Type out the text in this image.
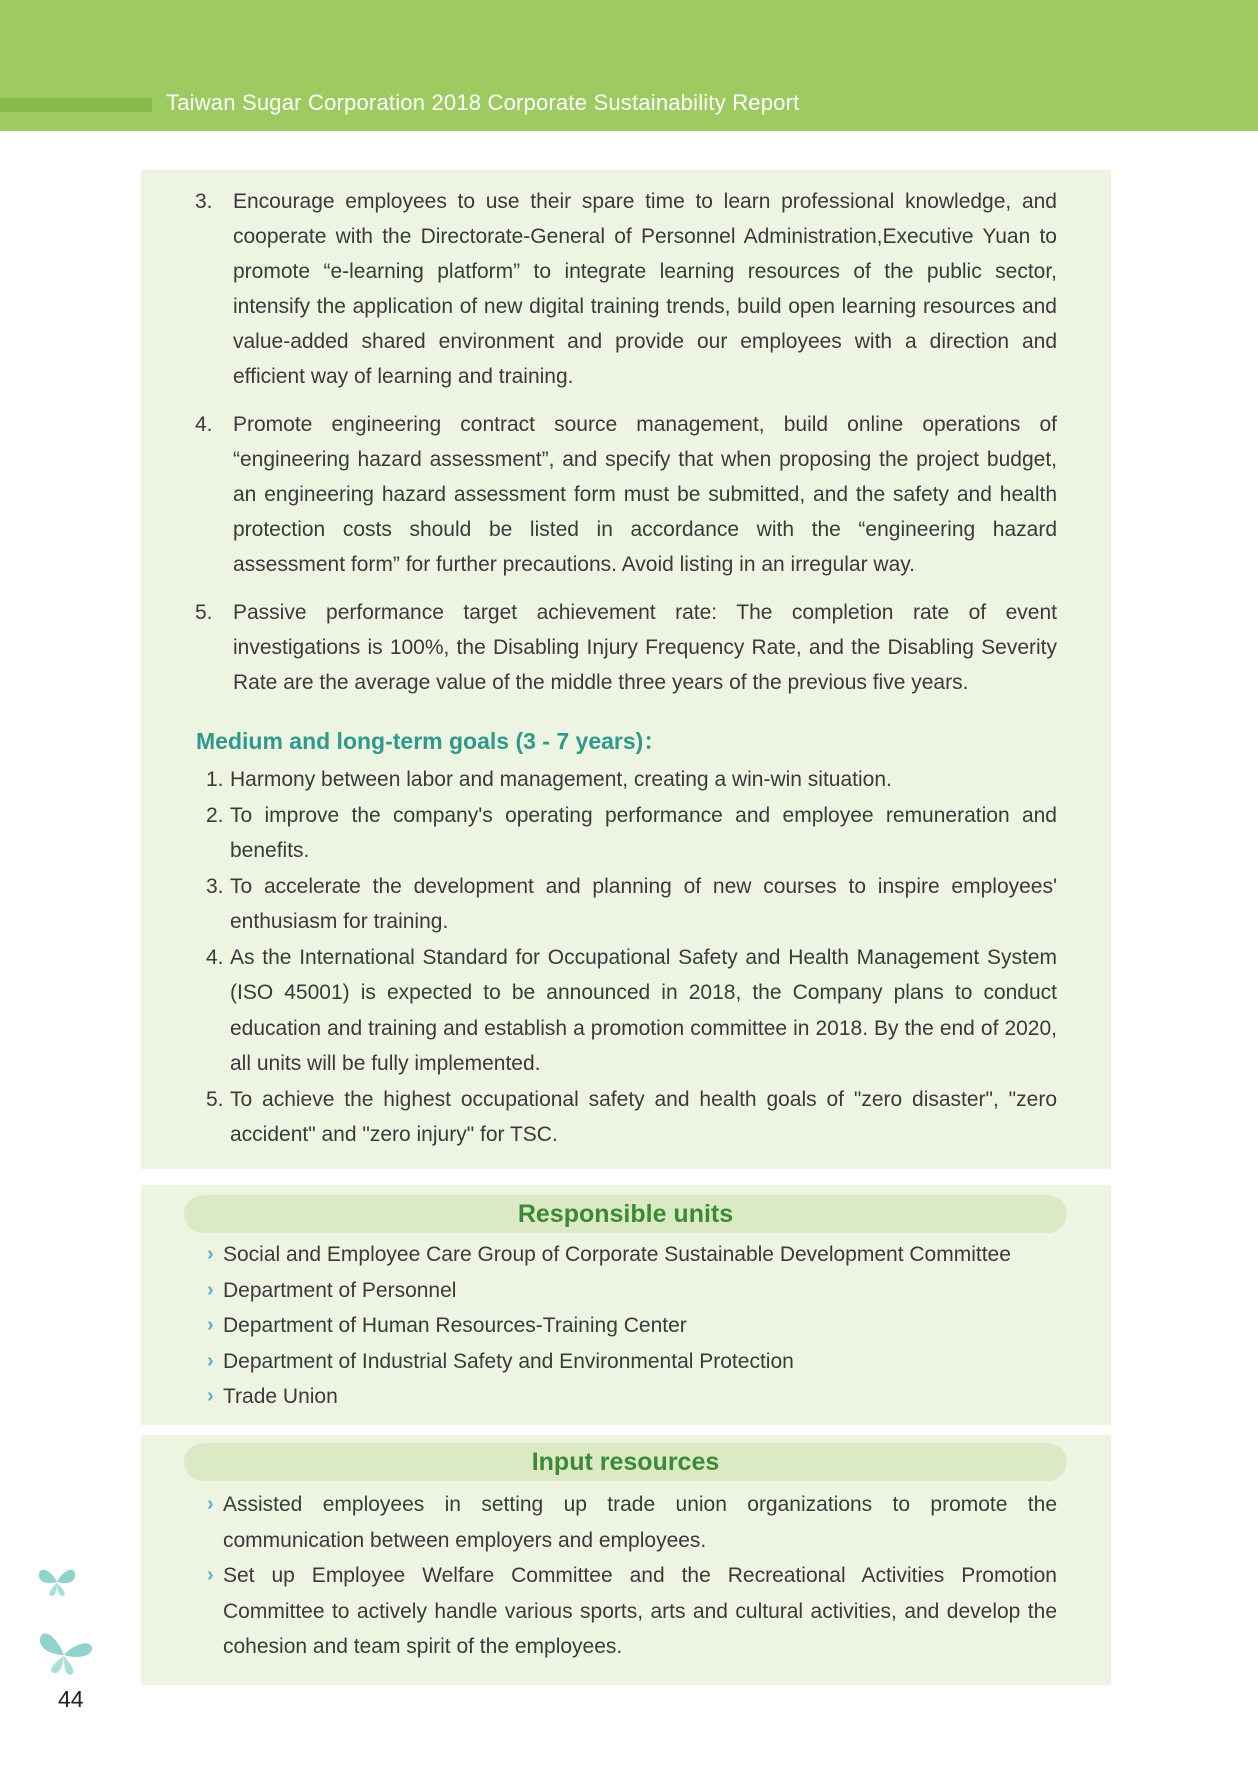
Taiwan Sugar Corporation 2018 Corporate Sustainability Report
3. Encourage employees to use their spare time to learn professional knowledge, and cooperate with the Directorate-General of Personnel Administration,Executive Yuan to promote “e-learning platform” to integrate learning resources of the public sector, intensify the application of new digital training trends, build open learning resources and value-added shared environment and provide our employees with a direction and efficient way of learning and training.
4. Promote engineering contract source management, build online operations of “engineering hazard assessment”, and specify that when proposing the project budget, an engineering hazard assessment form must be submitted, and the safety and health protection costs should be listed in accordance with the “engineering hazard assessment form” for further precautions. Avoid listing in an irregular way.
5. Passive performance target achievement rate: The completion rate of event investigations is 100%, the Disabling Injury Frequency Rate, and the Disabling Severity Rate are the average value of the middle three years of the previous five years.
Medium and long-term goals (3 - 7 years)：
1. Harmony between labor and management, creating a win-win situation.
2. To improve the company's operating performance and employee remuneration and benefits.
3. To accelerate the development and planning of new courses to inspire employees' enthusiasm for training.
4. As the International Standard for Occupational Safety and Health Management System (ISO 45001) is expected to be announced in 2018, the Company plans to conduct education and training and establish a promotion committee in 2018. By the end of 2020, all units will be fully implemented.
5. To achieve the highest occupational safety and health goals of "zero disaster", "zero accident" and "zero injury" for TSC.
Responsible units
› Social and Employee Care Group of Corporate Sustainable Development Committee
› Department of Personnel
› Department of Human Resources-Training Center
› Department of Industrial Safety and Environmental Protection
› Trade Union
Input resources
› Assisted employees in setting up trade union organizations to promote the communication between employers and employees.
› Set up Employee Welfare Committee and the Recreational Activities Promotion Committee to actively handle various sports, arts and cultural activities, and develop the cohesion and team spirit of the employees.
44
